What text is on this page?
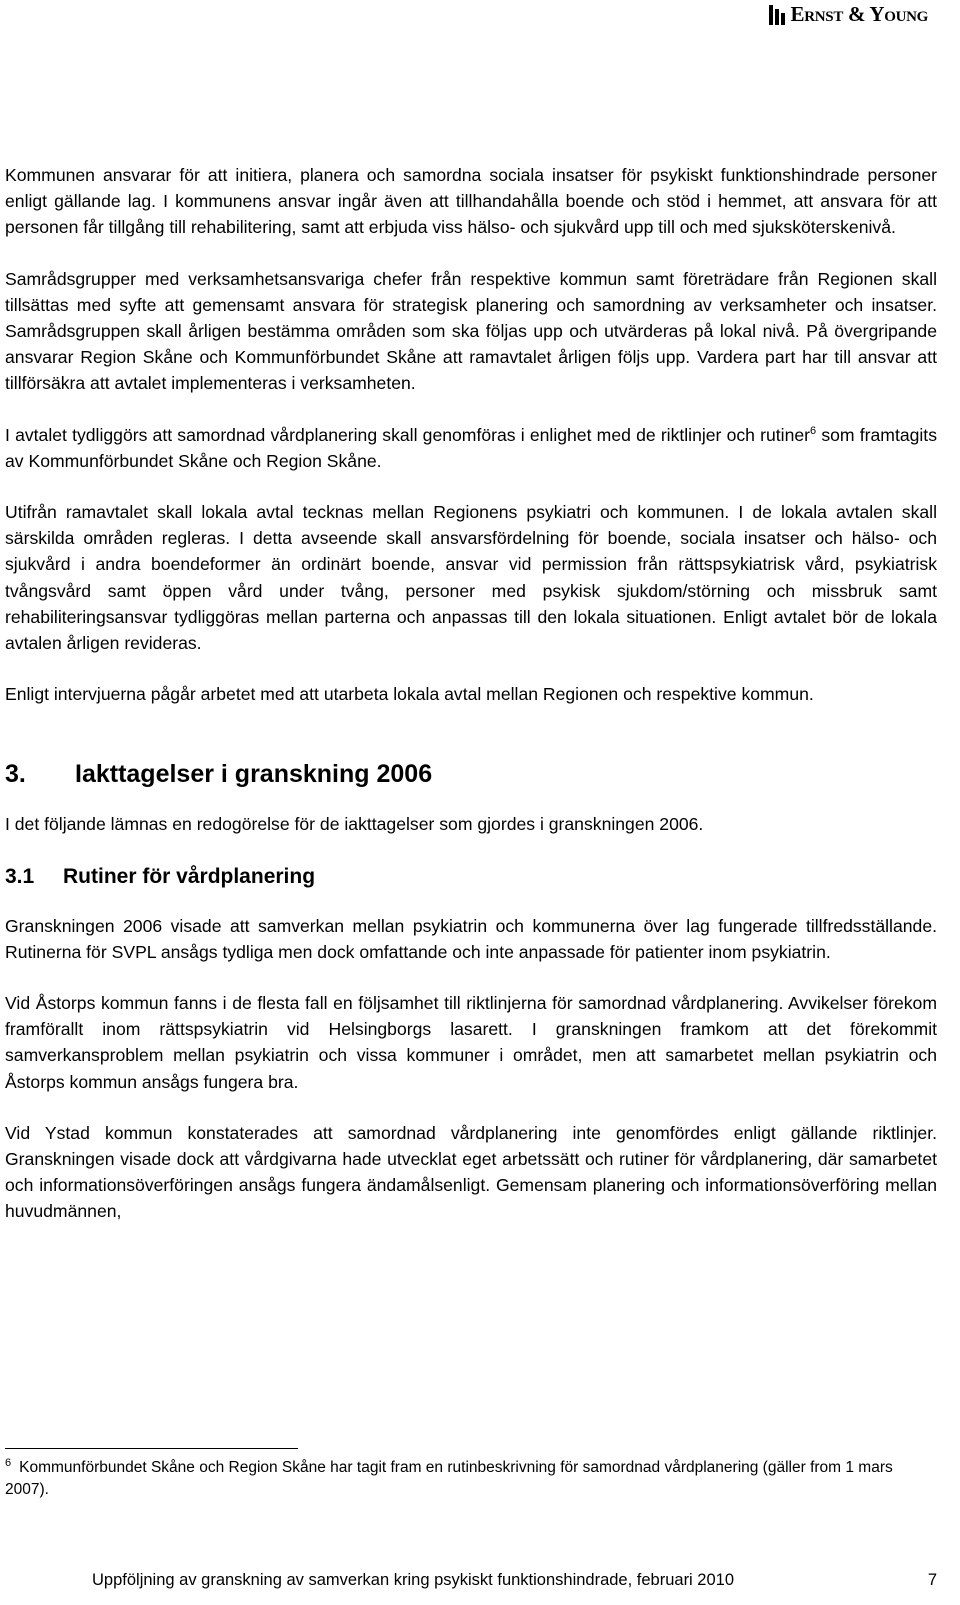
Ernst & Young

Kommunen ansvarar för att initiera, planera och samordna sociala insatser för psykiskt funktionshindrade personer enligt gällande lag. I kommunens ansvar ingår även att tillhandahålla boende och stöd i hemmet, att ansvara för att personen får tillgång till rehabilitering, samt att erbjuda viss hälso- och sjukvård upp till och med sjuksköterskenivå.

Samrådsgrupper med verksamhetsansvariga chefer från respektive kommun samt företrädare från Regionen skall tillsättas med syfte att gemensamt ansvara för strategisk planering och samordning av verksamheter och insatser. Samrådsgruppen skall årligen bestämma områden som ska följas upp och utvärderas på lokal nivå. På övergripande ansvarar Region Skåne och Kommunförbundet Skåne att ramavtalet årligen följs upp. Vardera part har till ansvar att tillförsäkra att avtalet implementeras i verksamheten.

I avtalet tydliggörs att samordnad vårdplanering skall genomföras i enlighet med de riktlinjer och rutiner$^6$ som framtagits av Kommunförbundet Skåne och Region Skåne.

Utifrån ramavtalet skall lokala avtal tecknas mellan Regionens psykiatri och kommunen. I de lokala avtalen skall särskilda områden regleras. I detta avseende skall ansvarsfördelning för boende, sociala insatser och hälso- och sjukvård i andra boendeformer än ordinärt boende, ansvar vid permission från rättspsykiatrisk vård, psykiatrisk tvångsvård samt öppen vård under tvång, personer med psykisk sjukdom/störning och missbruk samt rehabiliteringsansvar tydliggöras mellan parterna och anpassas till den lokala situationen. Enligt avtalet bör de lokala avtalen årligen revideras.

Enligt intervjuerna pågår arbetet med att utarbeta lokala avtal mellan Regionen och respektive kommun.

3.	Iakttagelser i granskning 2006

I det följande lämnas en redogörelse för de iakttagelser som gjordes i granskningen 2006.

3.1	Rutiner för vårdplanering

Granskningen 2006 visade att samverkan mellan psykiatrin och kommunerna över lag fungerade tillfredsställande. Rutinerna för SVPL ansågs tydliga men dock omfattande och inte anpassade för patienter inom psykiatrin.

Vid Åstorps kommun fanns i de flesta fall en följsamhet till riktlinjerna för samordnad vårdplanering. Avvikelser förekom framförallt inom rättspsykiatrin vid Helsingborgs lasarett. I granskningen framkom att det förekommit samverkansproblem mellan psykiatrin och vissa kommuner i området, men att samarbetet mellan psykiatrin och Åstorps kommun ansågs fungera bra.

Vid Ystad kommun konstaterades att samordnad vårdplanering inte genomfördes enligt gällande riktlinjer. Granskningen visade dock att vårdgivarna hade utvecklat eget arbetssätt och rutiner för vårdplanering, där samarbetet och informationsöverföringen ansågs fungera ändamålsenligt. Gemensam planering och informationsöverföring mellan huvudmännen,

$^6$ Kommunförbundet Skåne och Region Skåne har tagit fram en rutinbeskrivning för samordnad vårdplanering (gäller from 1 mars 2007).
Uppföljning av granskning av samverkan kring psykiskt funktionshindrade, februari 2010	7
